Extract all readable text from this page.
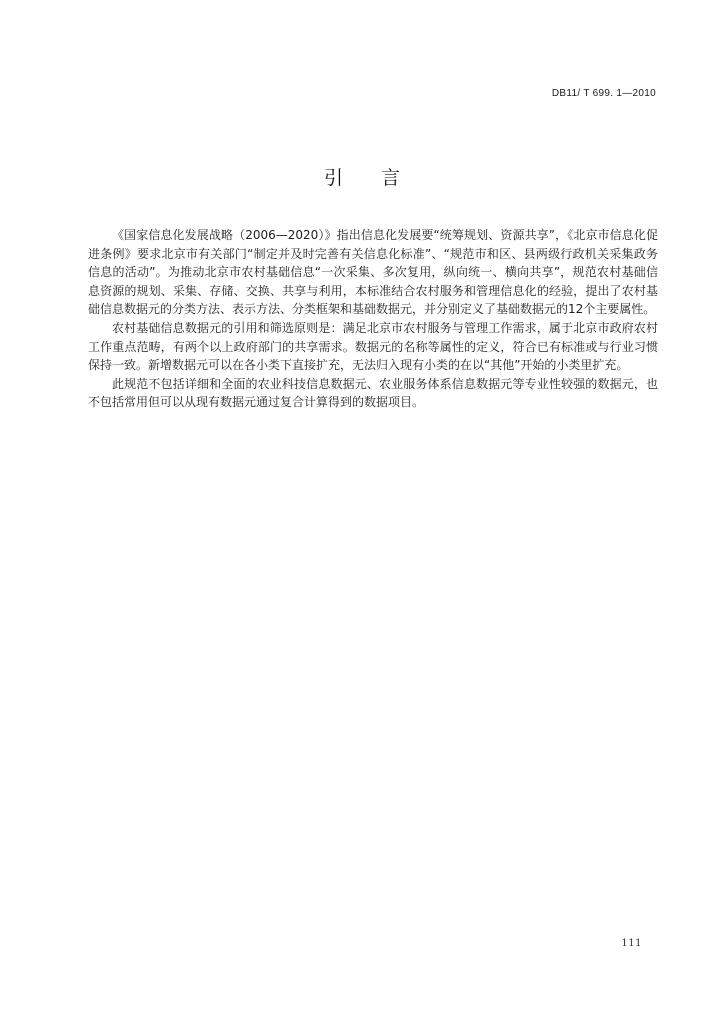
DB11/ T 699. 1—2010
引言

《国家信息化发展战略（2006—2020）》指出信息化发展要“统筹规划、资源共享”，《北京市信息化促进条例》要求北京市有关部门“制定并及时完善有关信息化标准”、“规范市和区、县两级行政机关采集政务信息的活动”。为推动北京市农村基础信息“一次采集、多次复用，纵向统一、横向共享”，规范农村基础信息资源的规划、采集、存储、交换、共享与利用，本标准结合农村服务和管理信息化的经验，提出了农村基础信息数据元的分类方法、表示方法、分类框架和基础数据元，并分别定义了基础数据元的12个主要属性。

农村基础信息数据元的引用和筛选原则是：满足北京市农村服务与管理工作需求，属于北京市政府农村工作重点范畴，有两个以上政府部门的共享需求。数据元的名称等属性的定义，符合已有标准或与行业习惯保持一致。新增数据元可以在各小类下直接扩充，无法归入现有小类的在以“其他”开始的小类里扩充。

此规范不包括详细和全面的农业科技信息数据元、农业服务体系信息数据元等专业性较强的数据元，也不包括常用但可以从现有数据元通过复合计算得到的数据项目。

111
